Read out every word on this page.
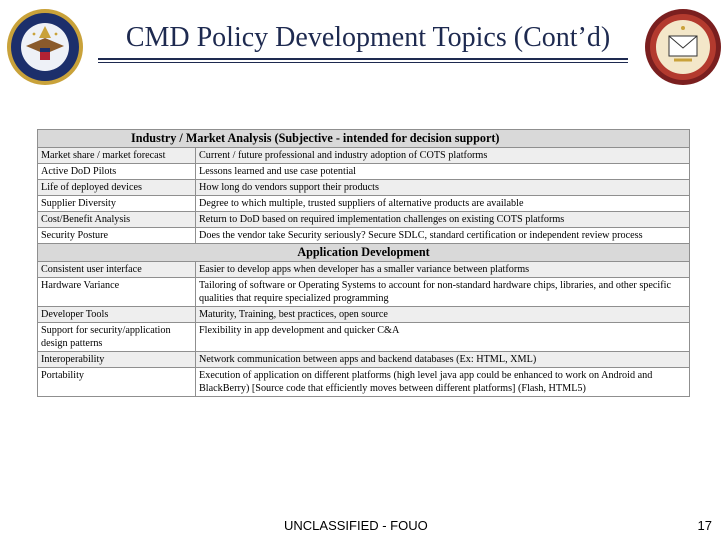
CMD Policy Development Topics (Cont’d)
Industry / Market Analysis (Subjective - intended for decision support)	

Market share / market forecast	Current / future professional and industry adoption of COTS platforms
Active DoD Pilots	Lessons learned and use case potential
Life of deployed devices	How long do vendors support their products
Supplier Diversity	Degree to which multiple, trusted suppliers of alternative products are available
Cost/Benefit Analysis	Return to DoD based on required implementation challenges on existing COTS platforms
Security Posture	Does the vendor take Security seriously? Secure SDLC, standard certification or independent review process

Application Development	

Consistent user interface	Easier to develop apps when developer has a smaller variance between platforms
Hardware Variance	Tailoring of software or Operating Systems to account for non-standard hardware chips, libraries, and other specific qualities that require specialized programming
Developer Tools	Maturity, Training, best practices, open source
Support for security/application design patterns	Flexibility in app development and quicker C&A
Interoperability	Network communication between apps and backend databases (Ex: HTML, XML)
Portability	Execution of application on different platforms (high level java app could be enhanced to work on Android and BlackBerry) [Source code that efficiently moves between different platforms] (Flash, HTML5)
UNCLASSIFIED - FOUO	17
